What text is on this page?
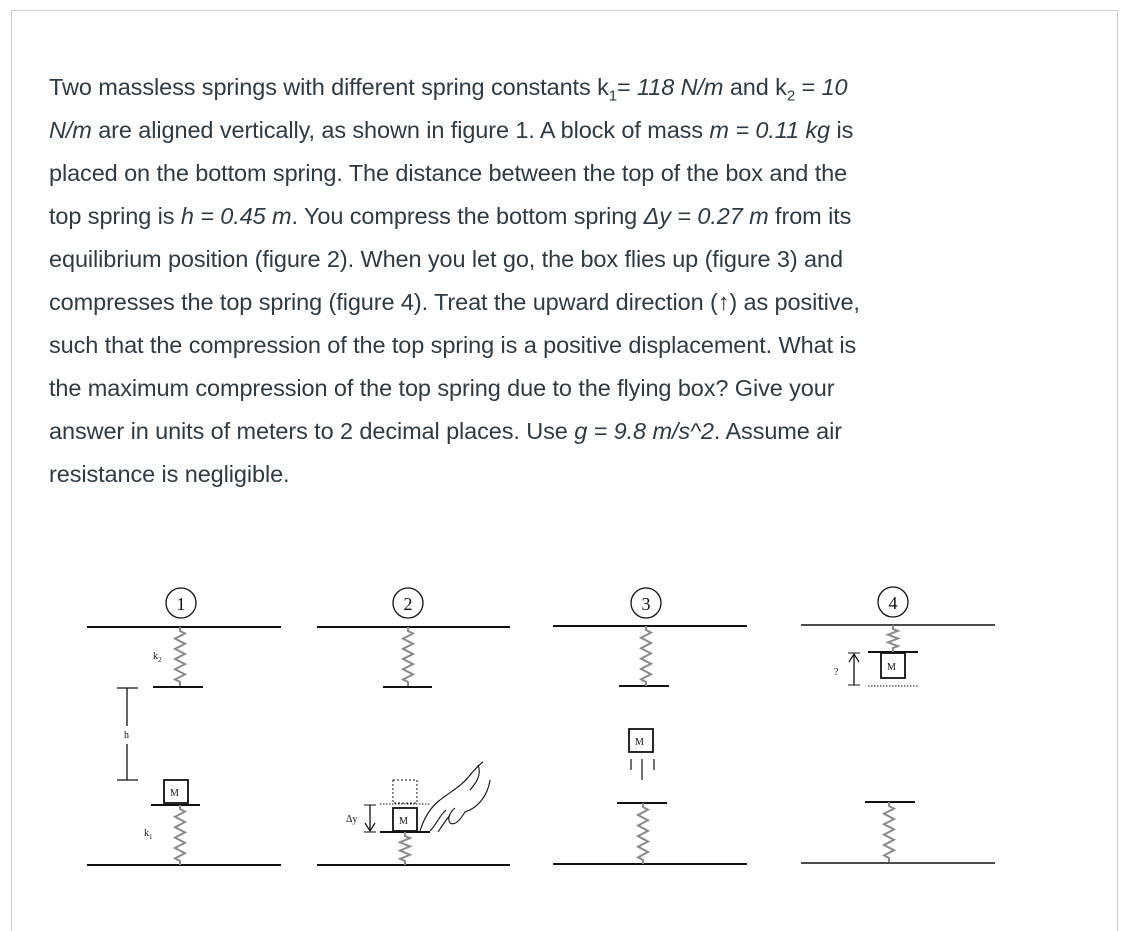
Two massless springs with different spring constants $k_1= 118$ N/m and $k_2 = 10$
N/m are aligned vertically, as shown in figure 1. A block of mass m = 0.11 kg is
placed on the bottom spring. The distance between the top of the box and the
top spring is h = 0.45 m. You compress the bottom spring Δy = 0.27 m from its
equilibrium position (figure 2). When you let go, the box flies up (figure 3) and
compresses the top spring (figure 4). Treat the upward direction (↑) as positive,
such that the compression of the top spring is a positive displacement. What is
the maximum compression of the top spring due to the flying box? Give your
answer in units of meters to 2 decimal places. Use g = 9.8 m/s^2. Assume air
resistance is negligible.
1	2	3	4
$k_2$
$k_1$
h
M
M
M
M
Δy
?
